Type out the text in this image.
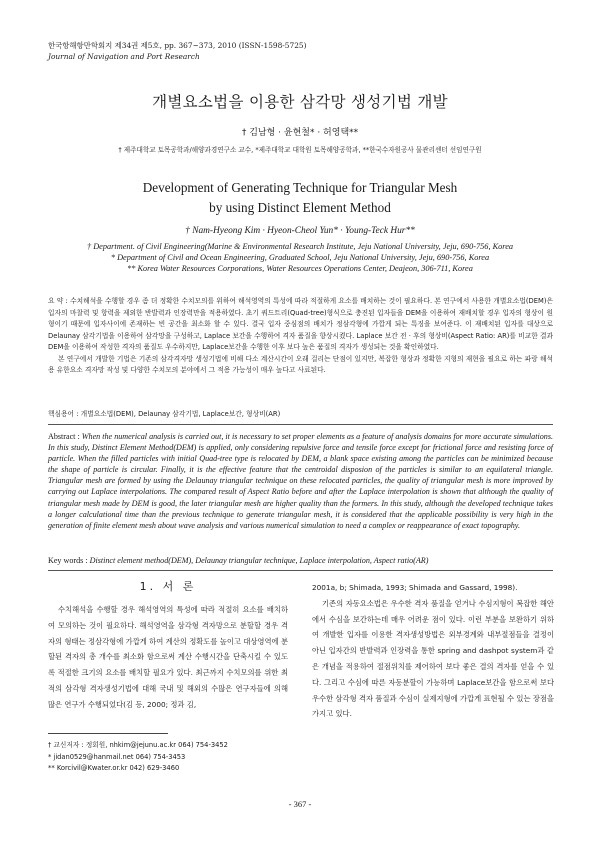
한국항해항만학회지 제34권 제5호, pp. 367~373, 2010 (ISSN-1598-5725)
Journal of Navigation and Port Research
개별요소법을 이용한 삼각망 생성기법 개발
† 김남형 · 윤현철* · 허영택**
† 제주대학교 토목공학과/해양과경연구소 교수, *제주대학교 대학원 토목해양공학과, **한국수자원공사 물관리센터 선임연구원
Development of Generating Technique for Triangular Mesh
by using Distinct Element Method
† Nam-Hyeong Kim · Hyeon-Cheol Yun* · Young-Teck Hur**
† Department. of Civil Engineering(Marine & Environmental Research Institute, Jeju National University, Jeju, 690-756, Korea
* Department of Civil and Ocean Engineering, Graduated School, Jeju National University, Jeju, 690-756, Korea
** Korea Water Resources Corporations, Water Resources Operations Center, Deajeon, 306-711, Korea

요 약 : 수치해석을 수행할 경우 좀 더 정확한 수치모의를 위하여 해석영역의 특성에 따라 적절하게 요소를 배치하는 것이 필요하다. 본 연구에서 사용한 개별요소법(DEM)은 입자의 마찰력 및 항력을 제외한 반발력과 인장력만을 적용하였다. 초기 쿼드트리(Quad-tree)형식으로 충진된 입자들을 DEM을 이용하여 재배치할 경우 입자의 형상이 원형이기 때문에 입자사이에 존재하는 빈 공간을 최소화 할 수 있다. 결국 입자 중심점의 배치가 정삼각형에 가깝게 되는 특징을 보여준다. 이 재배치된 입자를 대상으로 Delaunay 삼각기법을 이용하여 삼각망을 구성하고, Laplace 보간을 수행하여 격자 품질을 향상시켰다. Laplace 보간 전 · 후의 형상비(Aspect Ratio: AR)를 비교한 결과 DEM을 이용하여 작성한 격자의 품질도 우수하지만, Laplace보간을 수행한 이후 보다 높은 품질의 격자가 생성되는 것을 확인하였다.

본 연구에서 개발한 기법은 기존의 삼각격자망 생성기법에 비해 다소 계산시간이 오래 걸리는 단점이 있지만, 복잡한 형상과 정확한 지형의 재현을 필요로 하는 파랑 해석용 유한요소 격자망 작성 및 다양한 수치모의 분야에서 그 적용 가능성이 매우 높다고 사료된다.

핵심용어 : 개별요소법(DEM), Delaunay 삼각기법, Laplace보간, 형상비(AR)
Abstract : When the numerical analysis is carried out, it is necessary to set proper elements as a feature of analysis domains for more accurate simulations. In this study, Distinct Element Method(DEM) is applied, only considering repulsive force and tensile force except for frictional force and resisting force of particle. When the filled particles with initial Quad-tree type is relocated by DEM, a blank space existing among the particles can be minimized because the shape of particle is circular. Finally, it is the effective feature that the centroidal disposion of the particles is similar to an equilateral triangle. Triangular mesh are formed by using the Delaunay triangular technique on these relocated particles, the quality of triangular mesh is more improved by carrying out Laplace interpolations. The compared result of Aspect Ratio before and after the Laplace interpolation is shown that although the quality of triangular mesh made by DEM is good, the later triangular mesh are higher quality than the formers. In this study, although the developed technique takes a longer calculational time than the previous technique to generate triangular mesh, it is considered that the applicable possibility is very high in the generation of finite element mesh about wave analysis and various numerical simulation to need a complex or reappearance of exact topography.
Key words : Distinct element method(DEM), Delaunay triangular technique, Laplace interpolation, Aspect ratio(AR)
1. 서 론

수치해석을 수행할 경우 해석영역의 특성에 따라 적절히 요소를 배치하여 모의하는 것이 필요하다. 해석영역을 삼각형 격자망으로 분할할 경우 격자의 형태는 정삼각형에 가깝게 하여 계산의 정확도를 높이고 대상영역에 분할된 격자의 총 개수를 최소화 함으로써 계산 수행시간을 단축시킬 수 있도록 적절한 크기의 요소를 배치할 필요가 있다. 최근까지 수치모의를 위한 최적의 삼각형 격자생성기법에 대해 국내 및 해외의 수많은 연구자들에 의해 많은 연구가 수행되었다(김 등, 2000; 정과 김,

2001a, b; Shimada, 1993; Shimada and Gassard, 1998).

기존의 자동요소법은 우수한 격자 품질을 얻거나 수심지형이 복잡한 해안에서 수심을 보간하는데 매우 어려운 점이 있다. 이런 부분을 보완하기 위하여 개발한 입자를 이용한 격자생성방법은 외부경계와 내부절점들을 결정이 아닌 입자간의 반발력과 인장력을 통한 spring and dashpot system과 같은 개념을 적용하여 절점위치를 제어하여 보다 좋은 결의 격자를 얻을 수 있다. 그리고 수심에 따른 자동분할이 가능하며 Laplace보간을 함으로써 보다 우수한 삼각형 격자 품질과 수심이 실제지형에 가깝게 표현될 수 있는 장점을 가지고 있다.

† 교신저자 : 정회원, nhkim@jejunu.ac.kr 064) 754-3452
* jidan0529@hanmail.net 064) 754-3453
** Korcivil@Kwater.or.kr 042) 629-3460
- 367 -
